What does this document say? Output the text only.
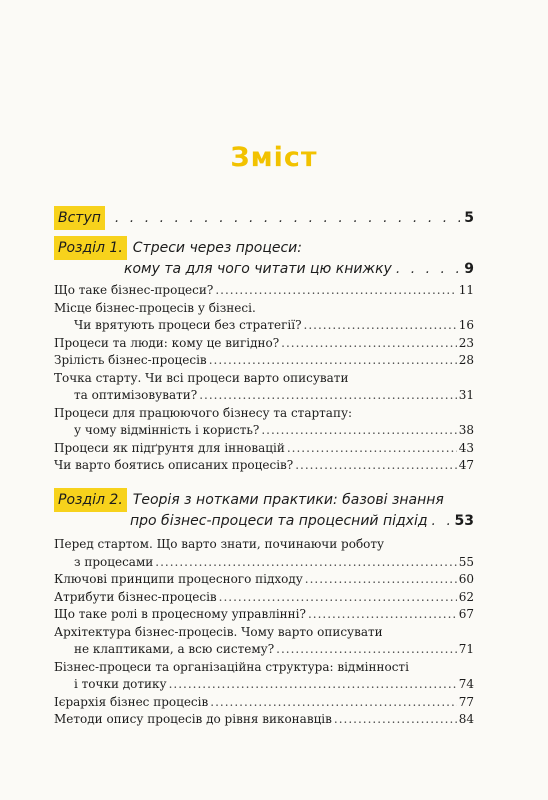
Зміст
Вступ . . .	5
Розділ 1. Стреси через процеси:
кому та для чого читати цю книжку . . .	9
Що таке бізнес-процеси? .....	11
Місце бізнес-процесів у бізнесі.
Чи врятують процеси без стратегії? .....	16
Процеси та люди: кому це вигідно? .....	23
Зрілість бізнес-процесів .....	28
Точка старту. Чи всі процеси варто описувати
та оптимізовувати? .....	31
Процеси для працюючого бізнесу та стартапу:
у чому відмінність і користь? .....	38
Процеси як підґрунтя для інновацій .....	43
Чи варто боятись описаних процесів? .....	47
Розділ 2. Теорія з нотками практики: базові знання
про бізнес-процеси та процесний підхід . . . 53
Перед стартом. Що варто знати, починаючи роботу
з процесами .....	55
Ключові принципи процесного підходу .....	60
Атрибути бізнес-процесів .....	62
Що таке ролі в процесному управлінні? .....	67
Архітектура бізнес-процесів. Чому варто описувати
не клаптиками, а всю систему? .....	71
Бізнес-процеси та організаційна структура: відмінності
і точки дотику .....	74
Ієрархія бізнес процесів .....	77
Методи опису процесів до рівня виконавців .....	84
